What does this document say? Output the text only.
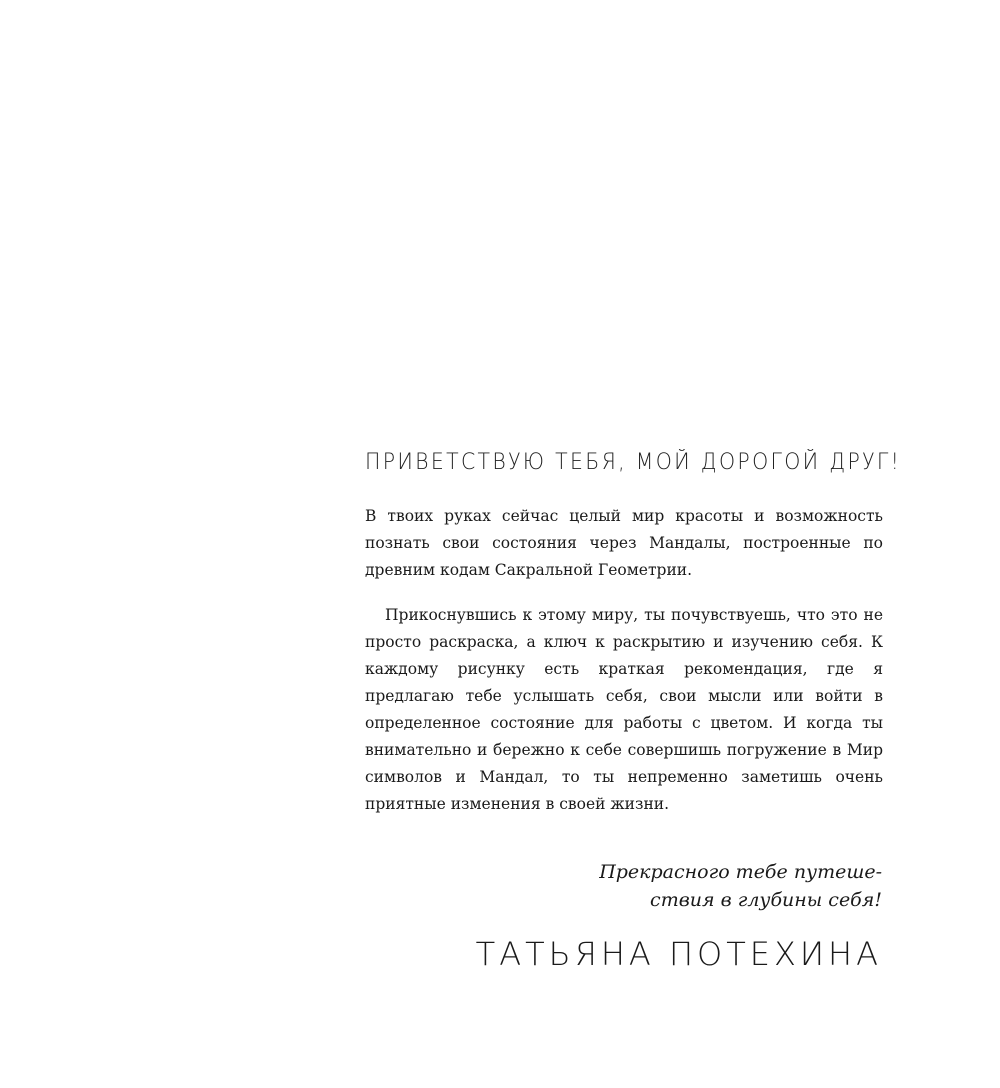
ПРИВЕТСТВУЮ ТЕБЯ, МОЙ ДОРОГОЙ ДРУГ!

В твоих руках сейчас целый мир красоты и возможность познать свои состояния через Мандалы, построенные по древним кодам Сакральной Геометрии.

Прикоснувшись к этому миру, ты почувствуешь, что это не просто раскраска, а ключ к раскрытию и изучению себя. К каждому рисунку есть краткая рекомендация, где я предлагаю тебе услышать себя, свои мысли или войти в определенное состояние для работы с цветом. И когда ты внимательно и бережно к себе совершишь погружение в Мир символов и Мандал, то ты непременно заметишь очень приятные изменения в своей жизни.

Прекрасного тебе путеше-
ствия в глубины себя!
ТАТЬЯНА ПОТЕХИНА
